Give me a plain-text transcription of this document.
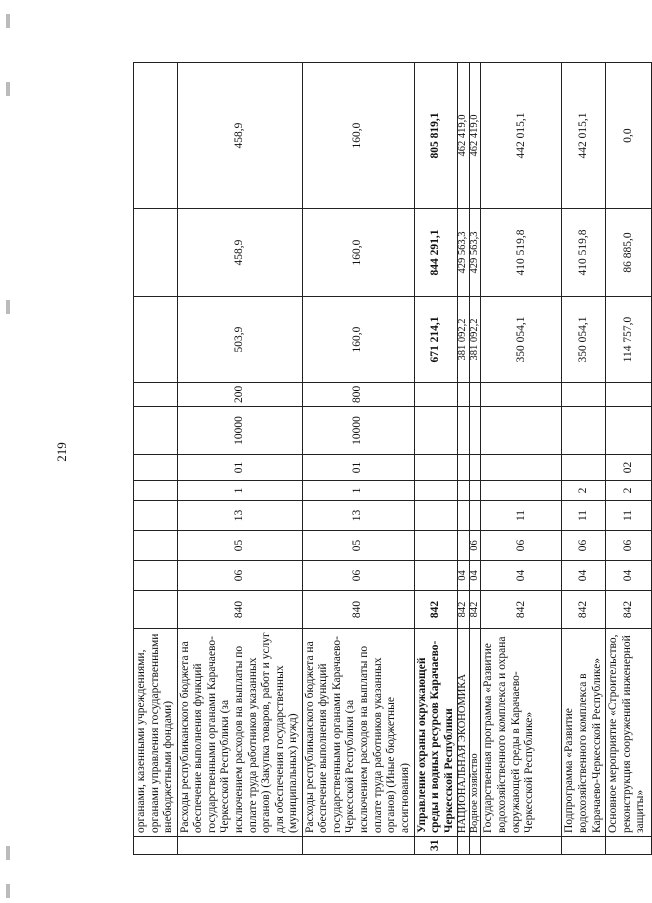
219
	органами, казенными учреждениями, органами управления государственными внебюджетными фондами)											
	Расходы республиканского бюджета на обеспечение выполнения функций государственными органами Карачаево-Черкесской Республики (за исключением расходов на выплаты по оплате труда работников указанных органов) (Закупка товаров, работ и услуг для обеспечения государственных (муниципальных) нужд)	840	06	05	13	1	01	10000	200	503,9	458,9	458,9
	Расходы республиканского бюджета на обеспечение выполнения функций государственными органами Карачаево-Черкесской Республики (за исключением расходов на выплаты по оплате труда работников указанных органов) (Иные бюджетные ассигнования)	840	06	05	13	1	01	10000	800	160,0	160,0	160,0
31	Управление охраны окружающей среды и водных ресурсов Карачаево-Черкесской Республики	842								671 214,1	844 291,1	805 819,1
	НАЦИОНАЛЬНАЯ ЭКОНОМИКА	842	04							381 092,2	429 563,3	462 419,0
	Водное хозяйство	842	04	06						381 092,2	429 563,3	462 419,0
	Государственная программа «Развитие водохозяйственного комплекса и охрана окружающей среды в Карачаево-Черкесской Республике»	842	04	06	11					350 054,1	410 519,8	442 015,1
	Подпрограмма «Развитие водохозяйственного комплекса в Карачаево-Черкесской Республике»	842	04	06	11	2				350 054,1	410 519,8	442 015,1
	Основное мероприятие «Строительство, реконструкция сооружений инженерной защиты»	842	04	06	11	2	02			114 757,0	86 885,0	0,0
